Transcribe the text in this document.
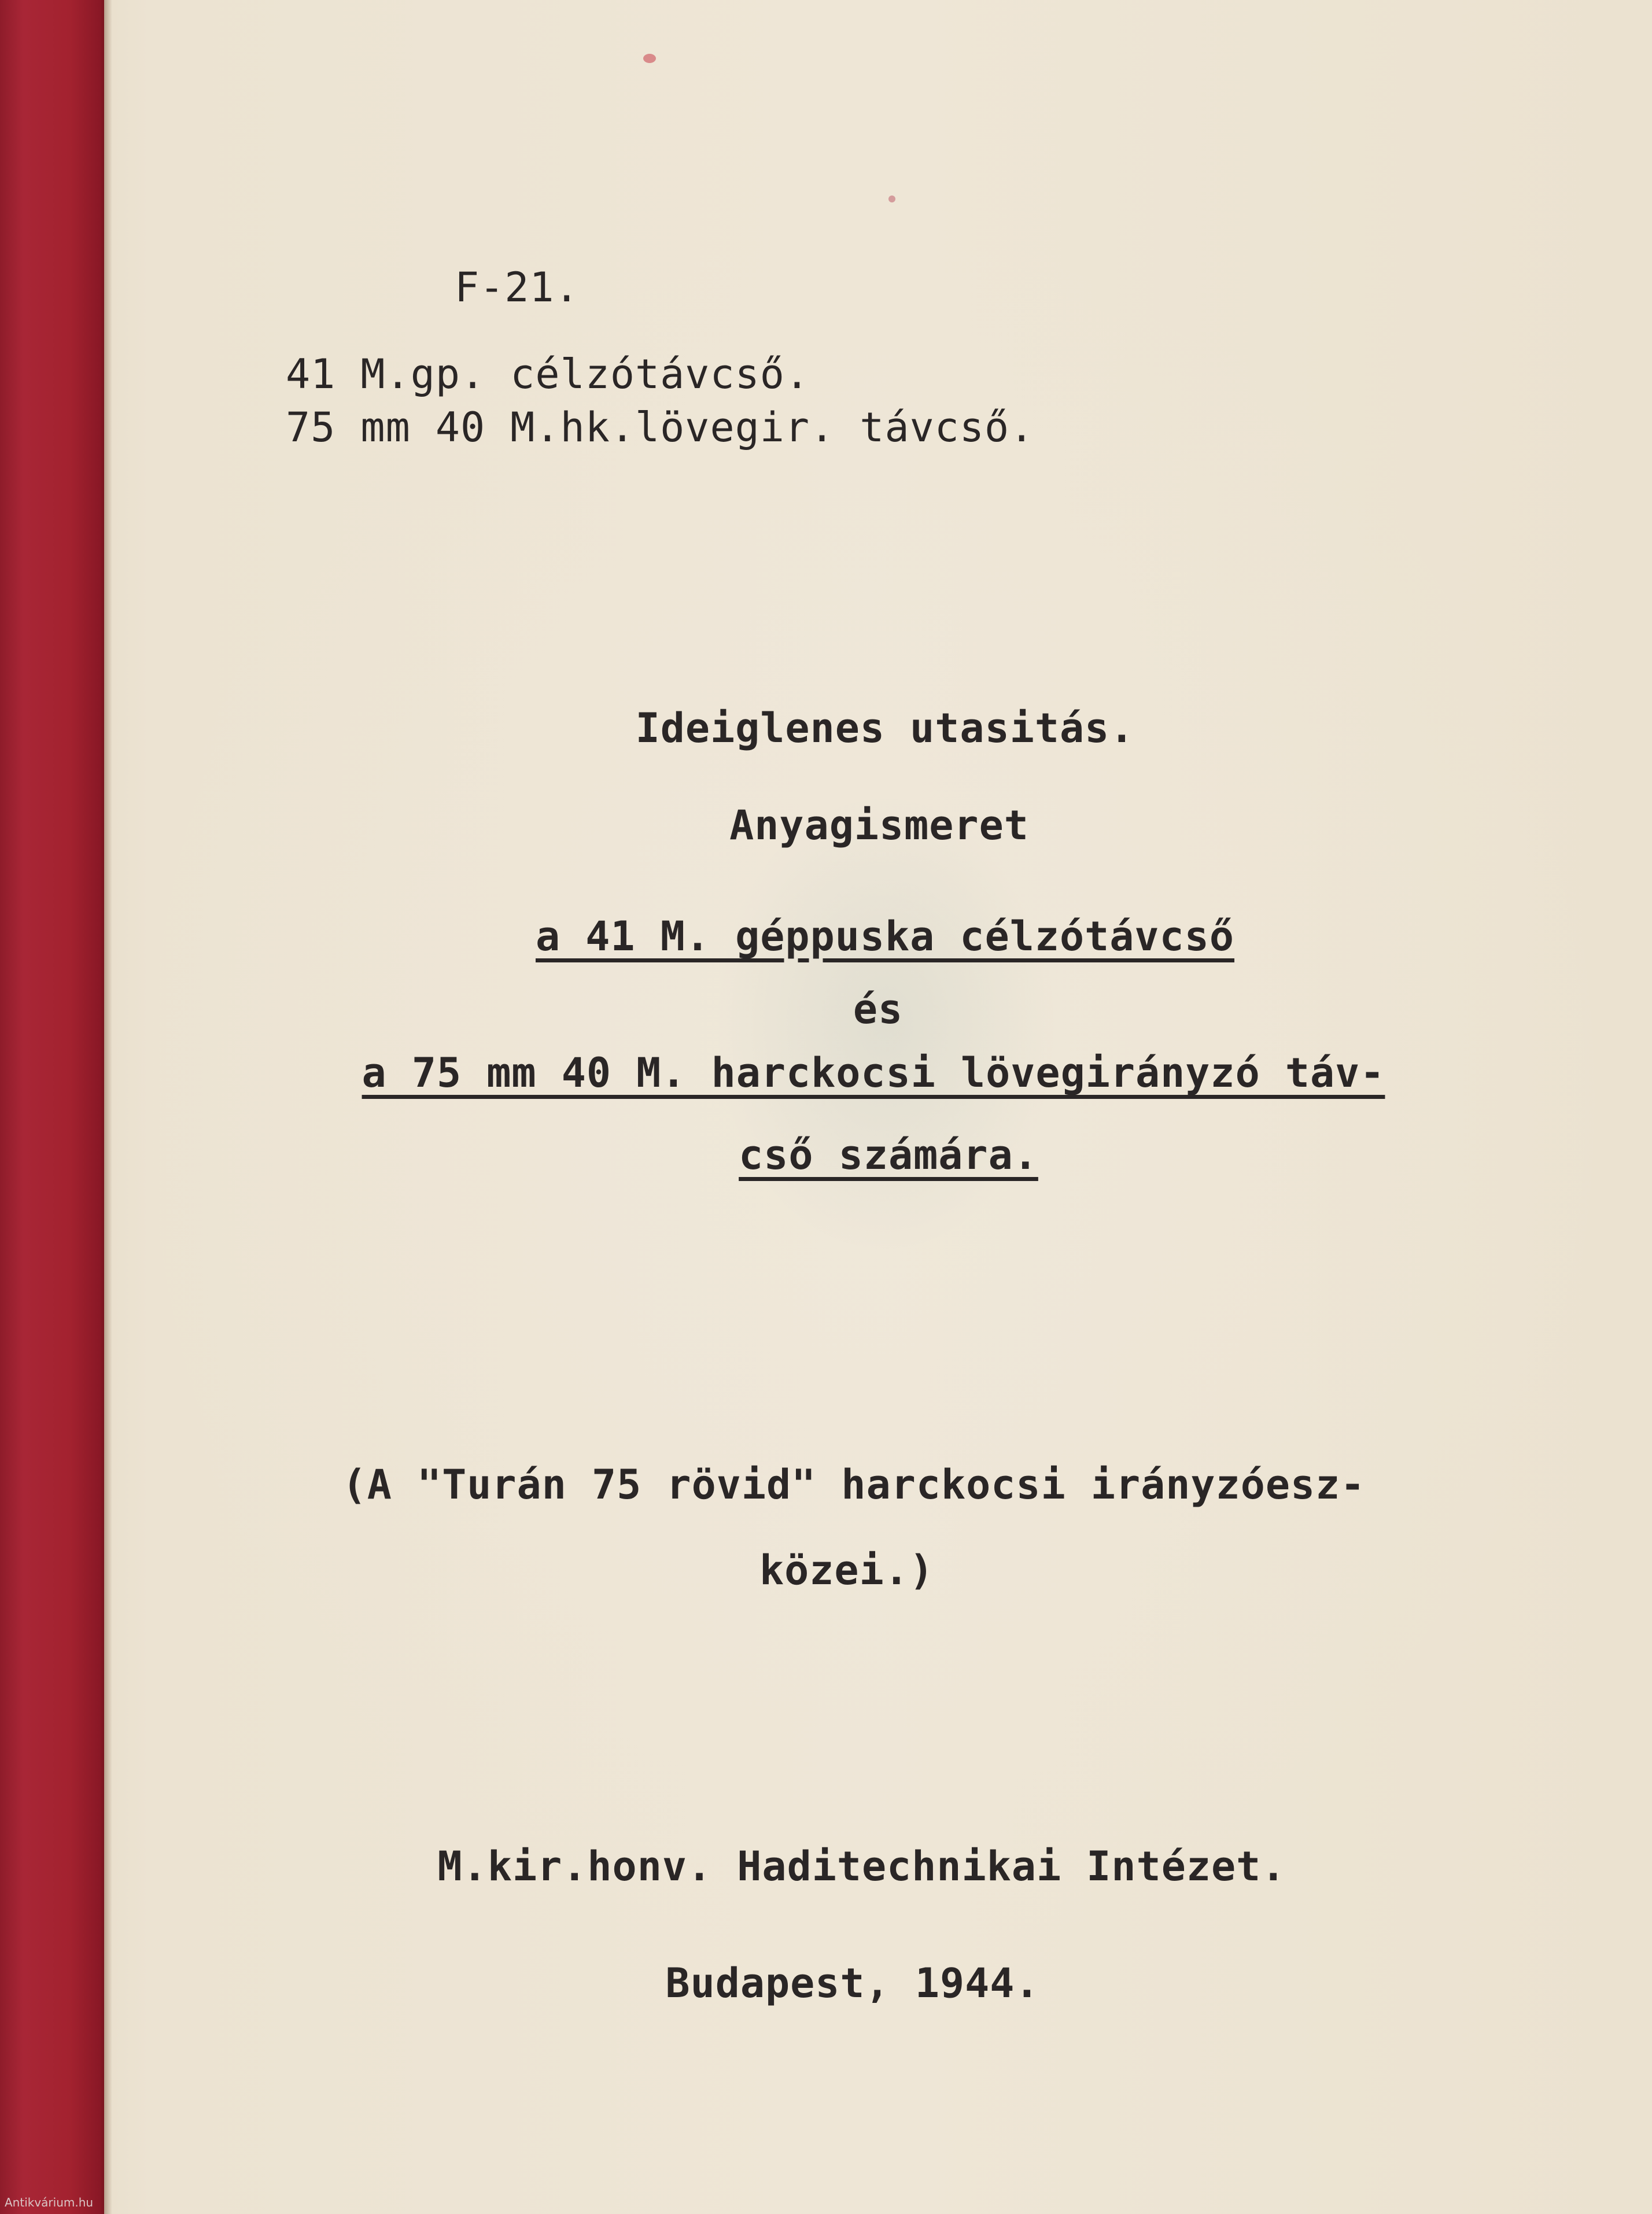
F-21.
41 M.gp. célzótávcső.
75 mm 40 M.hk.lövegir. távcső.
Ideiglenes utasitás.
Anyagismeret
a 41 M. géppuska célzótávcső
és
a 75 mm 40 M. harckocsi lövegirányzó táv-
cső számára.
(A "Turán 75 rövid" harckocsi irányzóesz-
közei.)
M.kir.honv. Haditechnikai Intézet.
Budapest, 1944.
Antikvárium.hu
